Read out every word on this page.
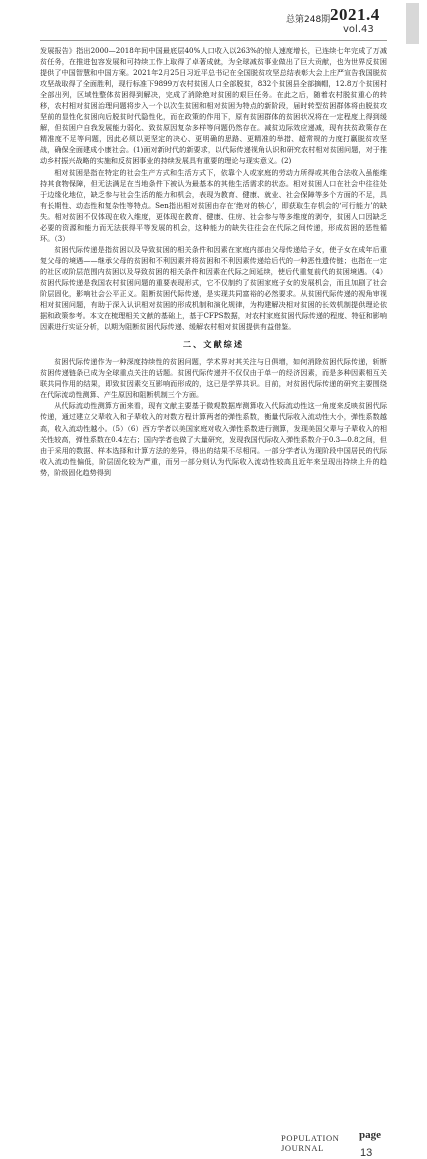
总第248期 2021.4
vol.43

发展报告》指出2000—2018年间中国最底层40%人口收入以263%的惊人速度增长，已连续七年完成了万减贫任务，在推进包容发展和可持续工作上取得了卓著成就，为全球减贫事业做出了巨大贡献，也为世界反贫困提供了中国智慧和中国方案。2021年2月25日习近平总书记在全国脱贫攻坚总结表彰大会上庄严宣告我国脱贫攻坚战取得了全面胜利，现行标准下9899万农村贫困人口全部脱贫，832个贫困县全部摘帽，12.8万个贫困村全部出列，区域性整体贫困得到解决，完成了消除绝对贫困的艰巨任务。在此之后，随着农村脱贫重心的转移，农村相对贫困治理问题将步入一个以次生贫困和相对贫困为特点的新阶段，届时转型贫困群体将由脱贫攻坚前的显性化贫困向后脱贫时代隐性化，而在政策的作用下，原有贫困群体的贫困状况将在一定程度上得到缓解，但贫困户自我发展能力弱化、致贫原因复杂多样等问题仍然存在。减贫边际效应递减，现有扶贫政策存在精准度不足等问题，因此必须以更坚定的决心、更明确的思路、更精准的举措、超常规的力度打赢脱贫攻坚战，确保全面建成小康社会。(1)面对新时代的新要求，以代际传递视角认识和研究农村相对贫困问题，对于推动乡村振兴战略的实施和反贫困事业的持续发展具有重要的理论与现实意义。(2)

相对贫困是指在特定的社会生产方式和生活方式下，依靠个人或家庭的劳动力所得或其他合法收入虽能维持其食物保障，但无法满足在当地条件下被认为最基本的其他生活需求的状态。相对贫困人口在社会中往往处于边缘化地位，缺乏参与社会生活的能力和机会，表现为教育、健康、就业、社会保障等多个方面的不足，具有长期性、动态性和复杂性等特点。Sen指出相对贫困由存在‘绝对的核心’，即获取生存机会的‘可行能力’的缺失。相对贫困不仅体现在收入维度，更体现在教育、健康、住房、社会参与等多维度的剥夺，贫困人口因缺乏必要的资源和能力而无法获得平等发展的机会，这种能力的缺失往往会在代际之间传递，形成贫困的恶性循环。（3）

贫困代际传递是指贫困以及导致贫困的相关条件和因素在家庭内部由父母传递给子女，使子女在成年后重复父母的境遇——继承父母的贫困和不利因素并将贫困和不利因素传递给后代的一种恶性遗传链；也指在一定的社区或阶层范围内贫困以及导致贫困的相关条件和因素在代际之间延续，使后代重复前代的贫困境遇。（4）贫困代际传递是我国农村贫困问题的重要表现形式，它不仅制约了贫困家庭子女的发展机会，而且加剧了社会阶层固化，影响社会公平正义。阻断贫困代际传递，是实现共同富裕的必然要求。从贫困代际传递的视角审视相对贫困问题，有助于深入认识相对贫困的形成机制和演化规律，为构建解决相对贫困的长效机制提供理论依据和政策参考。本文在梳理相关文献的基础上，基于CFPS数据，对农村家庭贫困代际传递的程度、特征和影响因素进行实证分析，以期为阻断贫困代际传递、缓解农村相对贫困提供有益借鉴。

二、文献综述

贫困代际传递作为一种深度持续性的贫困问题，学术界对其关注与日俱增，如何消除贫困代际传递，斩断贫困传递链条已成为全球重点关注的话题。贫困代际传递并不仅仅由于单一的经济因素，而是多种因素相互关联共同作用的结果，即致贫因素交互影响而形成的，这已是学界共识。目前，对贫困代际传递的研究主要围绕在代际流动性测算、产生原因和阻断机制三个方面。

从代际流动性测算方面来看，现有文献主要基于微观数据库测算收入代际流动性这一角度来反映贫困代际传递，通过建立父辈收入和子辈收入的对数方程计算两者的弹性系数，衡量代际收入流动性大小，弹性系数越高，收入流动性越小。（5）（6）西方学者以美国家庭对收入弹性系数进行测算，发现美国父辈与子辈收入的相关性较高，弹性系数在0.4左右；国内学者也做了大量研究，发现我国代际收入弹性系数介于0.3—0.8之间，但由于采用的数据、样本选择和计算方法的差异，得出的结果不尽相同。一部分学者认为现阶段中国居民的代际收入流动性偏低，阶层固化较为严重，而另一部分则认为代际收入流动性较高且近年来呈现出持续上升的趋势，阶级固化趋势得到

POPULATION
JOURNAL
page
13
